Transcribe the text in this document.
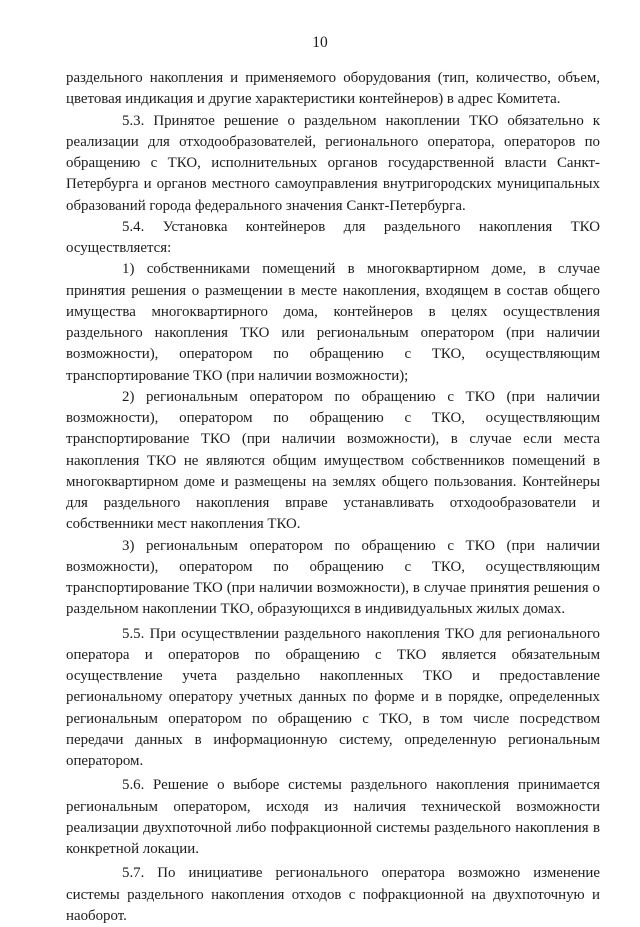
10

раздельного накопления и применяемого оборудования (тип, количество, объем, цветовая индикация и другие характеристики контейнеров) в адрес Комитета.

5.3. Принятое решение о раздельном накоплении ТКО обязательно к реализации для отходообразователей, регионального оператора, операторов по обращению с ТКО, исполнительных органов государственной власти Санкт-Петербурга и органов местного самоуправления внутригородских муниципальных образований города федерального значения Санкт-Петербурга.

5.4. Установка контейнеров для раздельного накопления ТКО осуществляется:

1) собственниками помещений в многоквартирном доме, в случае принятия решения о размещении в месте накопления, входящем в состав общего имущества многоквартирного дома, контейнеров в целях осуществления раздельного накопления ТКО или региональным оператором (при наличии возможности), оператором по обращению с ТКО, осуществляющим транспортирование ТКО (при наличии возможности);

2) региональным оператором по обращению с ТКО (при наличии возможности), оператором по обращению с ТКО, осуществляющим транспортирование ТКО (при наличии возможности), в случае если места накопления ТКО не являются общим имуществом собственников помещений в многоквартирном доме и размещены на землях общего пользования. Контейнеры для раздельного накопления вправе устанавливать отходообразователи и собственники мест накопления ТКО.

3) региональным оператором по обращению с ТКО (при наличии возможности), оператором по обращению с ТКО, осуществляющим транспортирование ТКО (при наличии возможности), в случае принятия решения о раздельном накоплении ТКО, образующихся в индивидуальных жилых домах.

5.5. При осуществлении раздельного накопления ТКО для регионального оператора и операторов по обращению с ТКО является обязательным осуществление учета раздельно накопленных ТКО и предоставление региональному оператору учетных данных по форме и в порядке, определенных региональным оператором по обращению с ТКО, в том числе посредством передачи данных в информационную систему, определенную региональным оператором.

5.6. Решение о выборе системы раздельного накопления принимается региональным оператором, исходя из наличия технической возможности реализации двухпоточной либо пофракционной системы раздельного накопления в конкретной локации.

5.7. По инициативе регионального оператора возможно изменение системы раздельного накопления отходов с пофракционной на двухпоточную и наоборот.
